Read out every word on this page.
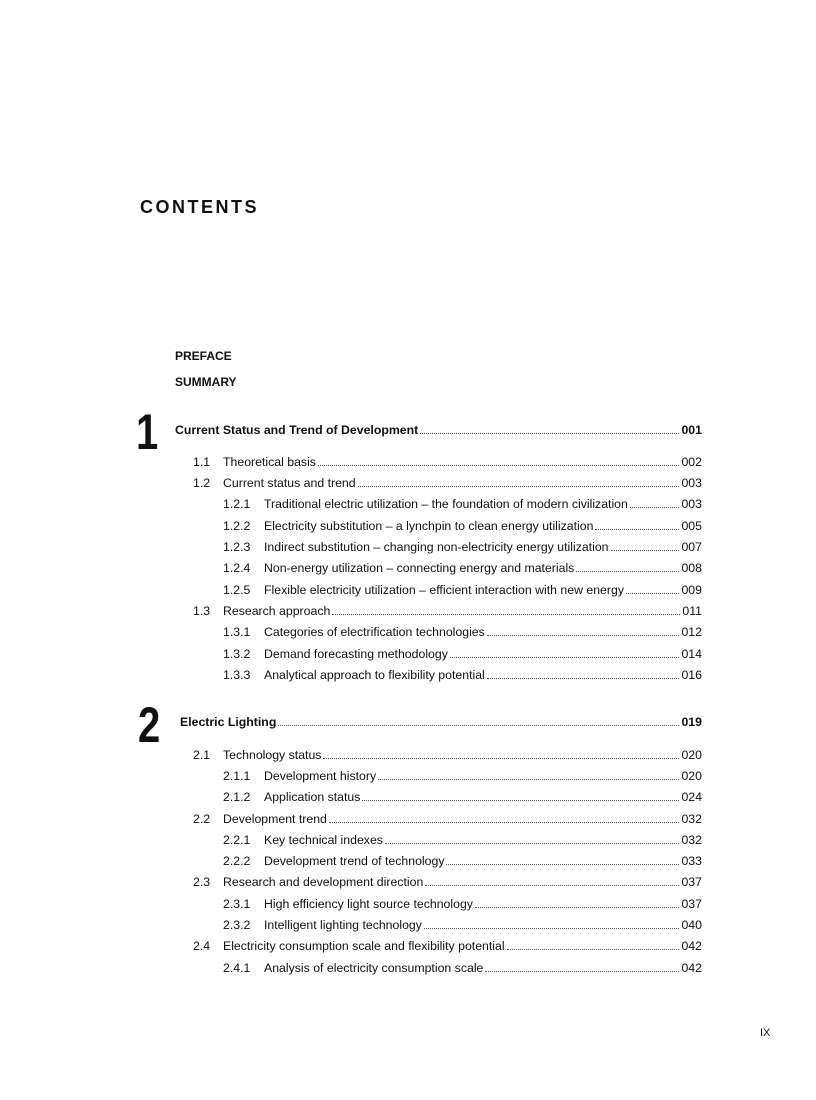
CONTENTS
PREFACE
SUMMARY
IX
1 Current Status and Trend of Development	001
1.1	Theoretical basis	002
1.2	Current status and trend	003
1.2.1	Traditional electric utilization – the foundation of modern civilization	003
1.2.2	Electricity substitution – a lynchpin to clean energy utilization	005
1.2.3	Indirect substitution – changing non-electricity energy utilization	007
1.2.4	Non-energy utilization – connecting energy and materials	008
1.2.5	Flexible electricity utilization – efficient interaction with new energy	009
1.3	Research approach	011
1.3.1	Categories of electrification technologies	012
1.3.2	Demand forecasting methodology	014
1.3.3	Analytical approach to flexibility potential	016
2 Electric Lighting	019
2.1	Technology status	020
2.1.1	Development history	020
2.1.2	Application status	024
2.2	Development trend	032
2.2.1	Key technical indexes	032
2.2.2	Development trend of technology	033
2.3	Research and development direction	037
2.3.1	High efficiency light source technology	037
2.3.2	Intelligent lighting technology	040
2.4	Electricity consumption scale and flexibility potential	042
2.4.1	Analysis of electricity consumption scale	042
